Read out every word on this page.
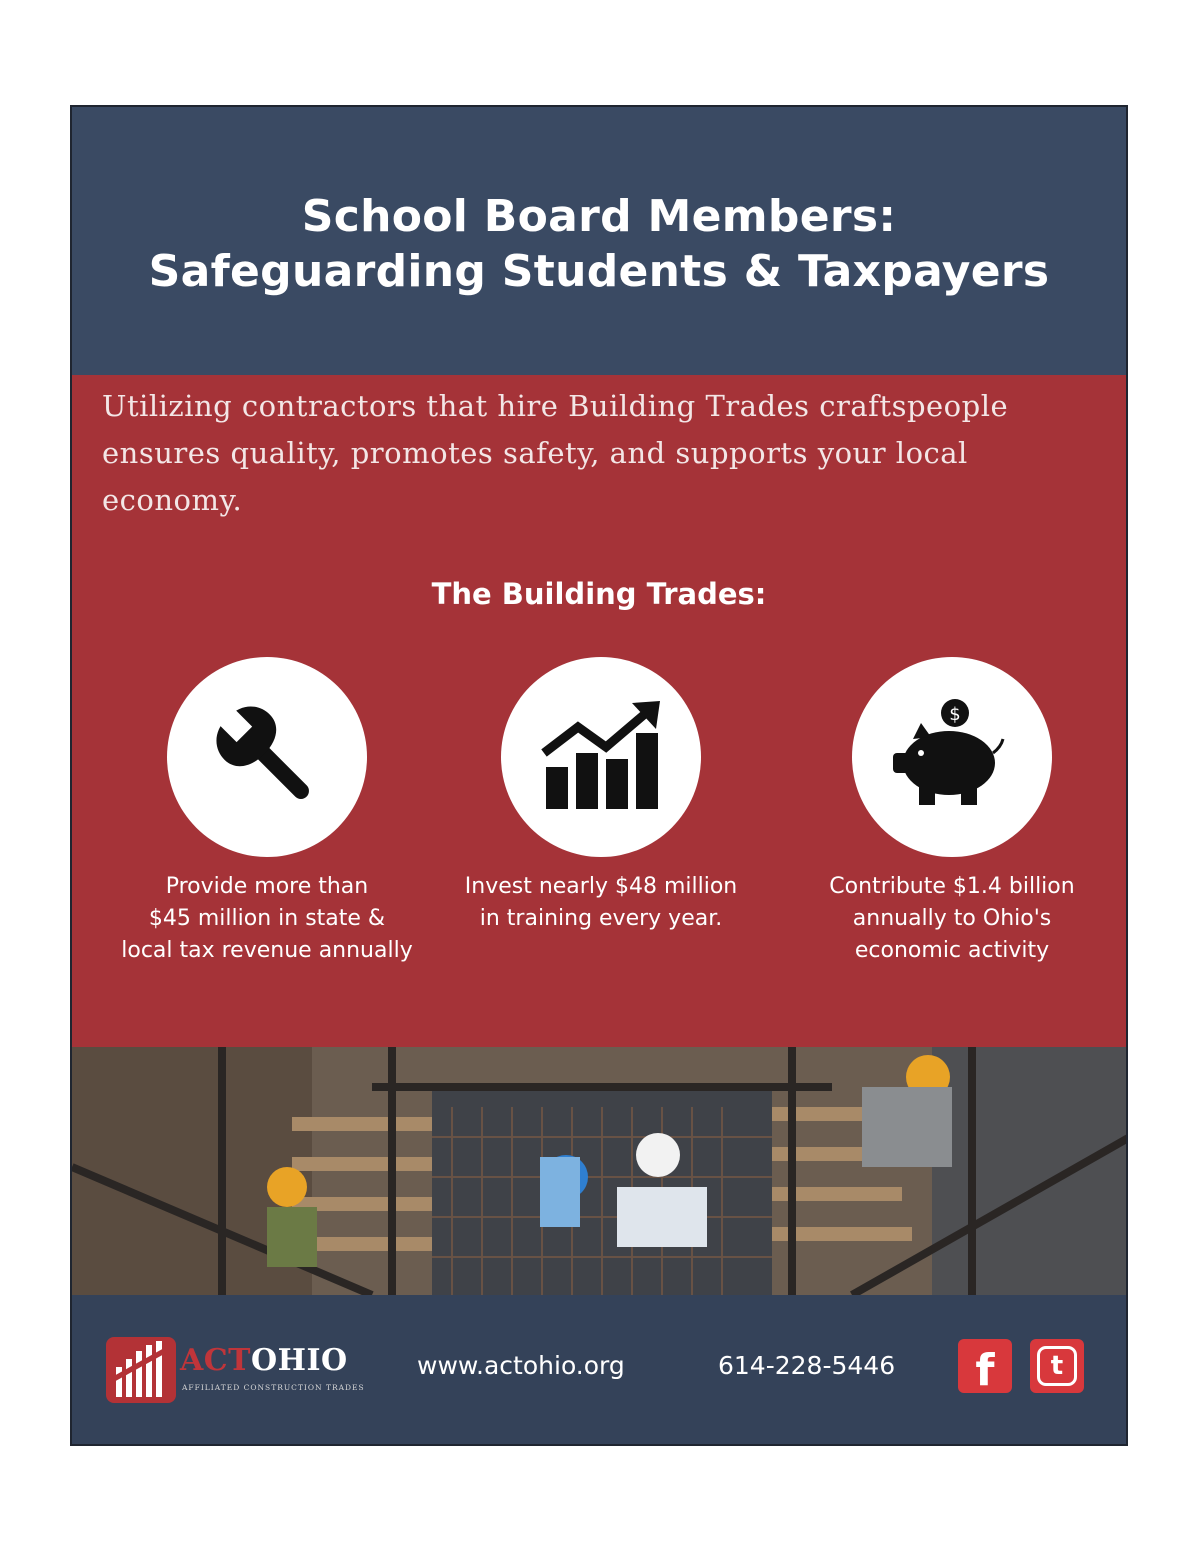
School Board Members:
Safeguarding Students & Taxpayers
Utilizing contractors that hire Building Trades craftspeople ensures quality, promotes safety, and supports your local economy.
The Building Trades:
Provide more than
$45 million in state &
local tax revenue annually
Invest nearly $48 million
in training every year.
$
Contribute $1.4 billion
annually to Ohio's
economic activity
ACTOHIO
AFFILIATED CONSTRUCTION TRADES
www.actohio.org	614-228-5446 f t
